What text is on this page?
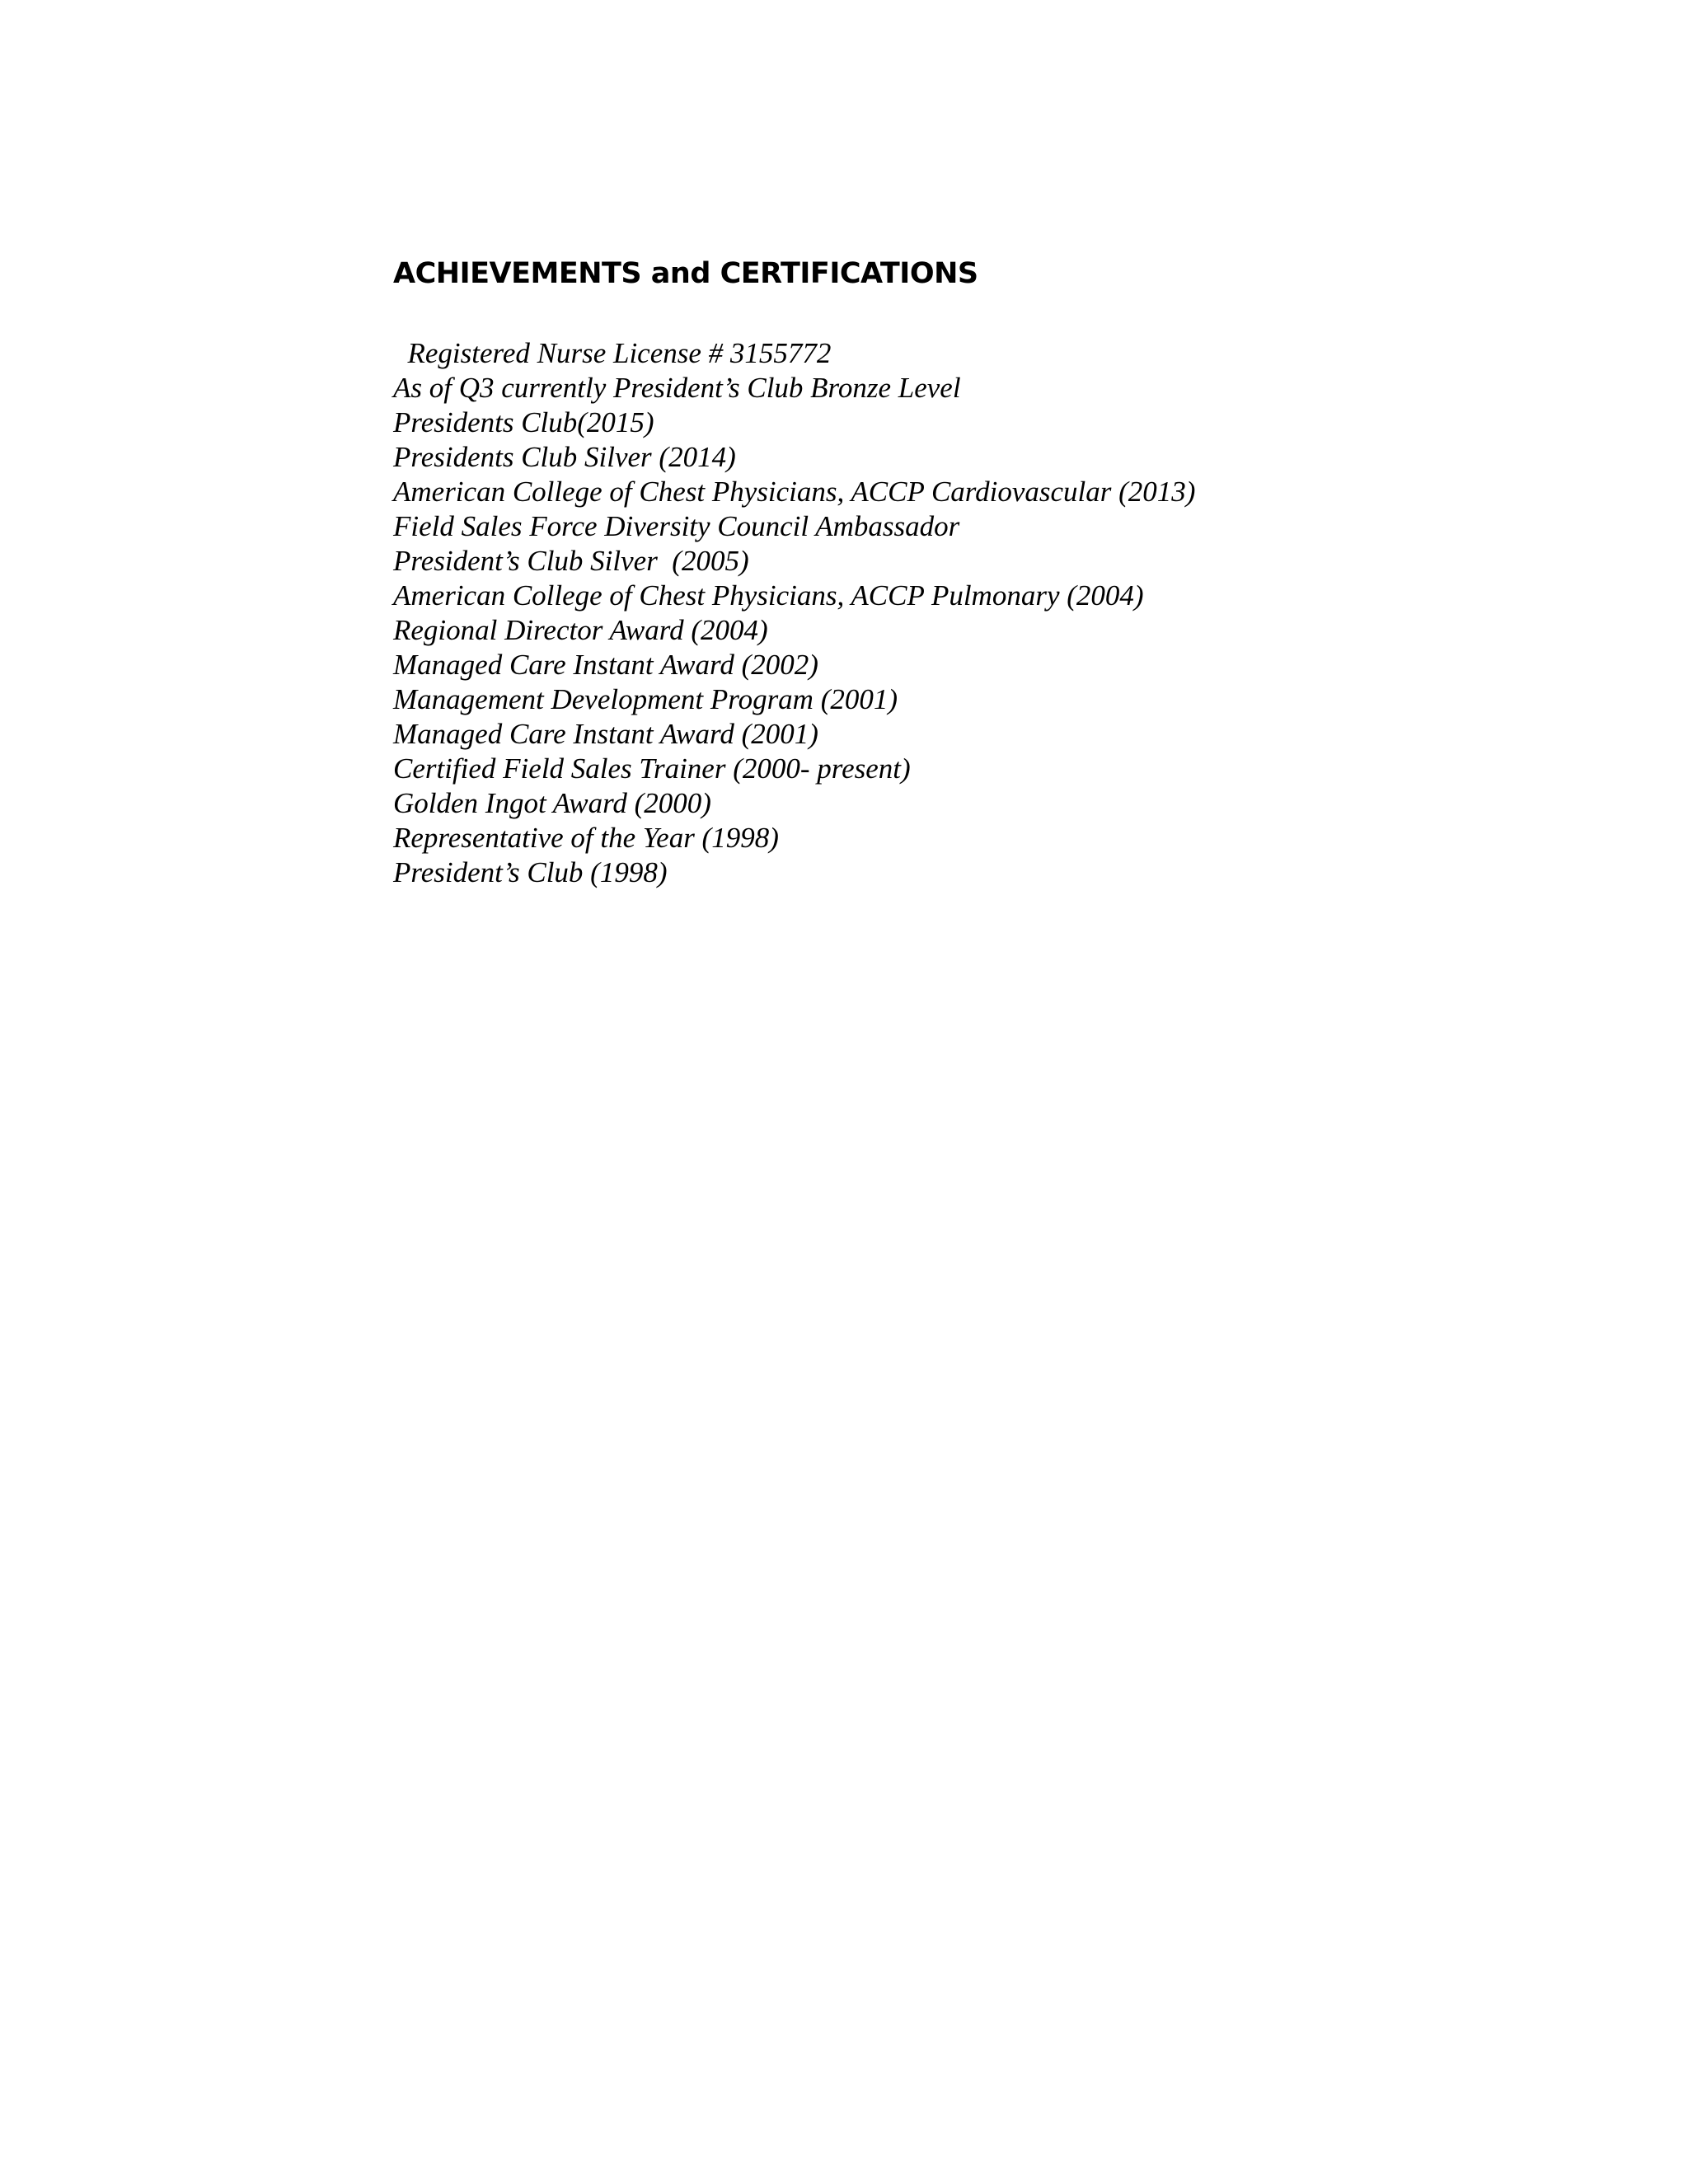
ACHIEVEMENTS and CERTIFICATIONS
Registered Nurse License # 3155772
As of Q3 currently President’s Club Bronze Level
Presidents Club(2015)
Presidents Club Silver (2014)
American College of Chest Physicians, ACCP Cardiovascular (2013)
Field Sales Force Diversity Council Ambassador
President’s Club Silver  (2005)
American College of Chest Physicians, ACCP Pulmonary (2004)
Regional Director Award (2004)
Managed Care Instant Award (2002)
Management Development Program (2001)
Managed Care Instant Award (2001)
Certified Field Sales Trainer (2000- present)
Golden Ingot Award (2000)
Representative of the Year (1998)
President’s Club (1998)
